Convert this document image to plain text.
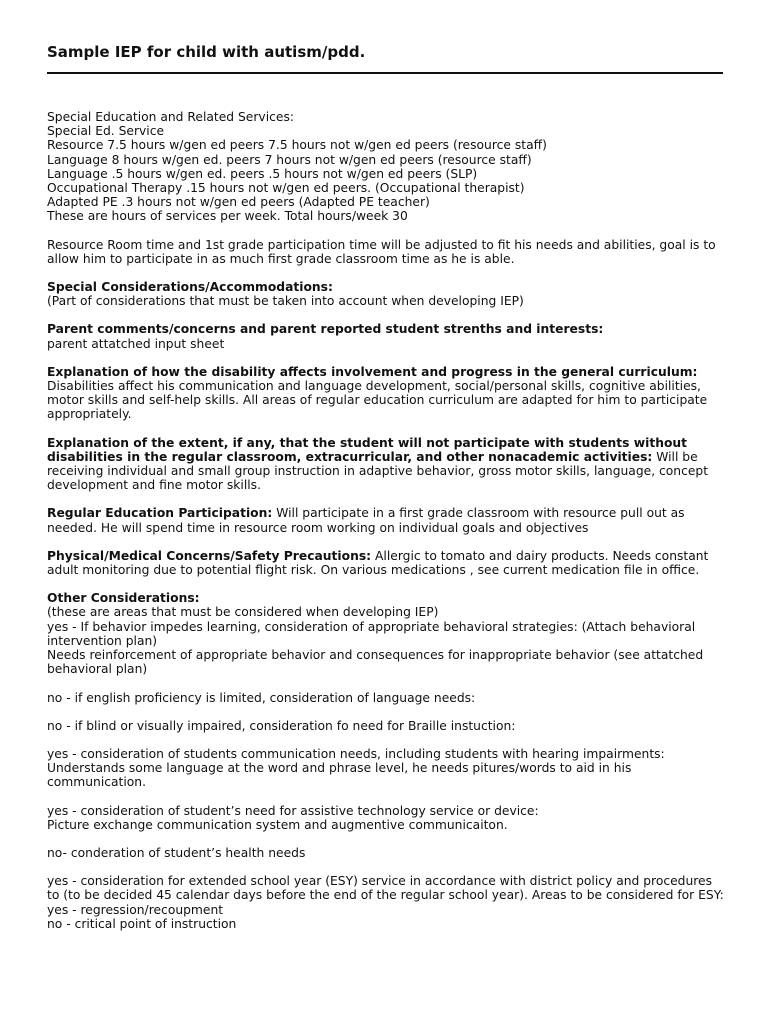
Sample IEP for child with autism/pdd.
Special Education and Related Services:
Special Ed. Service
Resource 7.5 hours w/gen ed peers 7.5 hours not w/gen ed peers (resource staff)
Language 8 hours w/gen ed. peers 7 hours not w/gen ed peers (resource staff)
Language .5 hours w/gen ed. peers .5 hours not w/gen ed peers (SLP)
Occupational Therapy .15 hours not w/gen ed peers. (Occupational therapist)
Adapted PE .3 hours not w/gen ed peers (Adapted PE teacher)
These are hours of services per week. Total hours/week 30

Resource Room time and 1st grade participation time will be adjusted to fit his needs and abilities, goal is to allow him to participate in as much first grade classroom time as he is able.

Special Considerations/Accommodations:

(Part of considerations that must be taken into account when developing IEP)

Parent comments/concerns and parent reported student strenths and interests:

parent attatched input sheet

Explanation of how the disability affects involvement and progress in the general curriculum:

Disabilities affect his communication and language development, social/personal skills, cognitive abilities, motor skills and self-help skills. All areas of regular education curriculum are adapted for him to participate appropriately.

Explanation of the extent, if any, that the student will not participate with students without disabilities in the regular classroom, extracurricular, and other nonacademic activities: Will be receiving individual and small group instruction in adaptive behavior, gross motor skills, language, concept development and fine motor skills.

Regular Education Participation: Will participate in a first grade classroom with resource pull out as needed. He will spend time in resource room working on individual goals and objectives

Physical/Medical Concerns/Safety Precautions: Allergic to tomato and dairy products. Needs constant adult monitoring due to potential flight risk. On various medications , see current medication file in office.

Other Considerations:

(these are areas that must be considered when developing IEP)

yes - If behavior impedes learning, consideration of appropriate behavioral strategies: (Attach behavioral intervention plan)

Needs reinforcement of appropriate behavior and consequences for inappropriate behavior (see attatched behavioral plan)

no - if english proficiency is limited, consideration of language needs:

no - if blind or visually impaired, consideration fo need for Braille instuction:

yes - consideration of students communication needs, including students with hearing impairments:

Understands some language at the word and phrase level, he needs pitures/words to aid in his communication.

yes - consideration of student’s need for assistive technology service or device:

Picture exchange communication system and augmentive communicaiton.

no- conderation of student’s health needs

yes - consideration for extended school year (ESY) service in accordance with district policy and procedures to (to be decided 45 calendar days before the end of the regular school year). Areas to be considered for ESY:

yes - regression/recoupment

no - critical point of instruction
